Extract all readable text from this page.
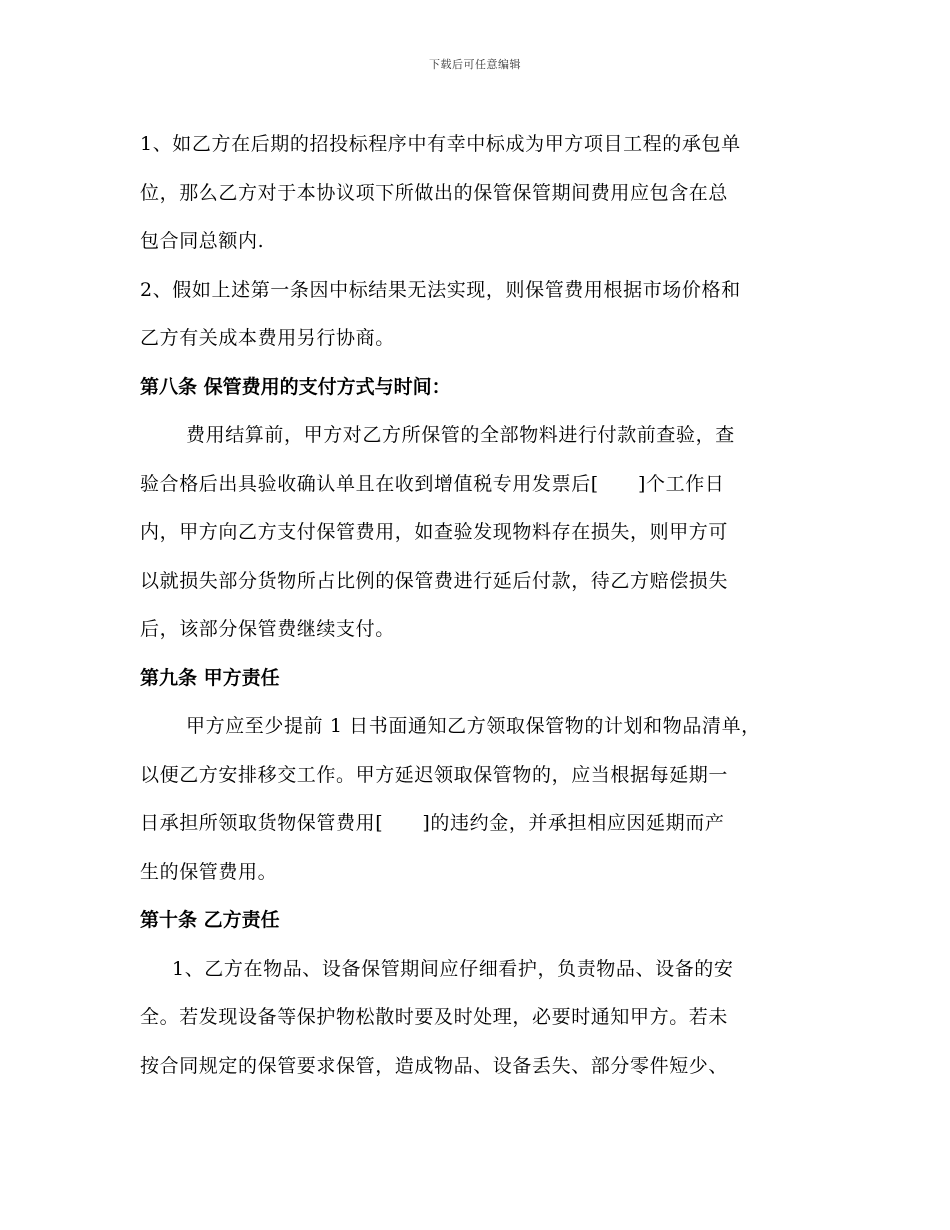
下载后可任意编辑
1、如乙方在后期的招投标程序中有幸中标成为甲方项目工程的承包单
位，那么乙方对于本协议项下所做出的保管保管期间费用应包含在总
包合同总额内.
2、假如上述第一条因中标结果无法实现，则保管费用根据市场价格和
乙方有关成本费用另行协商。
第八条 保管费用的支付方式与时间：
费用结算前，甲方对乙方所保管的全部物料进行付款前查验，查
验合格后出具验收确认单且在收到增值税专用发票后[　　]个工作日
内，甲方向乙方支付保管费用，如查验发现物料存在损失，则甲方可
以就损失部分货物所占比例的保管费进行延后付款，待乙方赔偿损失
后，该部分保管费继续支付。
第九条 甲方责任
甲方应至少提前 1 日书面通知乙方领取保管物的计划和物品清单，
以便乙方安排移交工作。甲方延迟领取保管物的，应当根据每延期一
日承担所领取货物保管费用[　　]的违约金，并承担相应因延期而产
生的保管费用。
第十条 乙方责任
1、乙方在物品、设备保管期间应仔细看护，负责物品、设备的安
全。若发现设备等保护物松散时要及时处理，必要时通知甲方。若未
按合同规定的保管要求保管，造成物品、设备丢失、部分零件短少、
